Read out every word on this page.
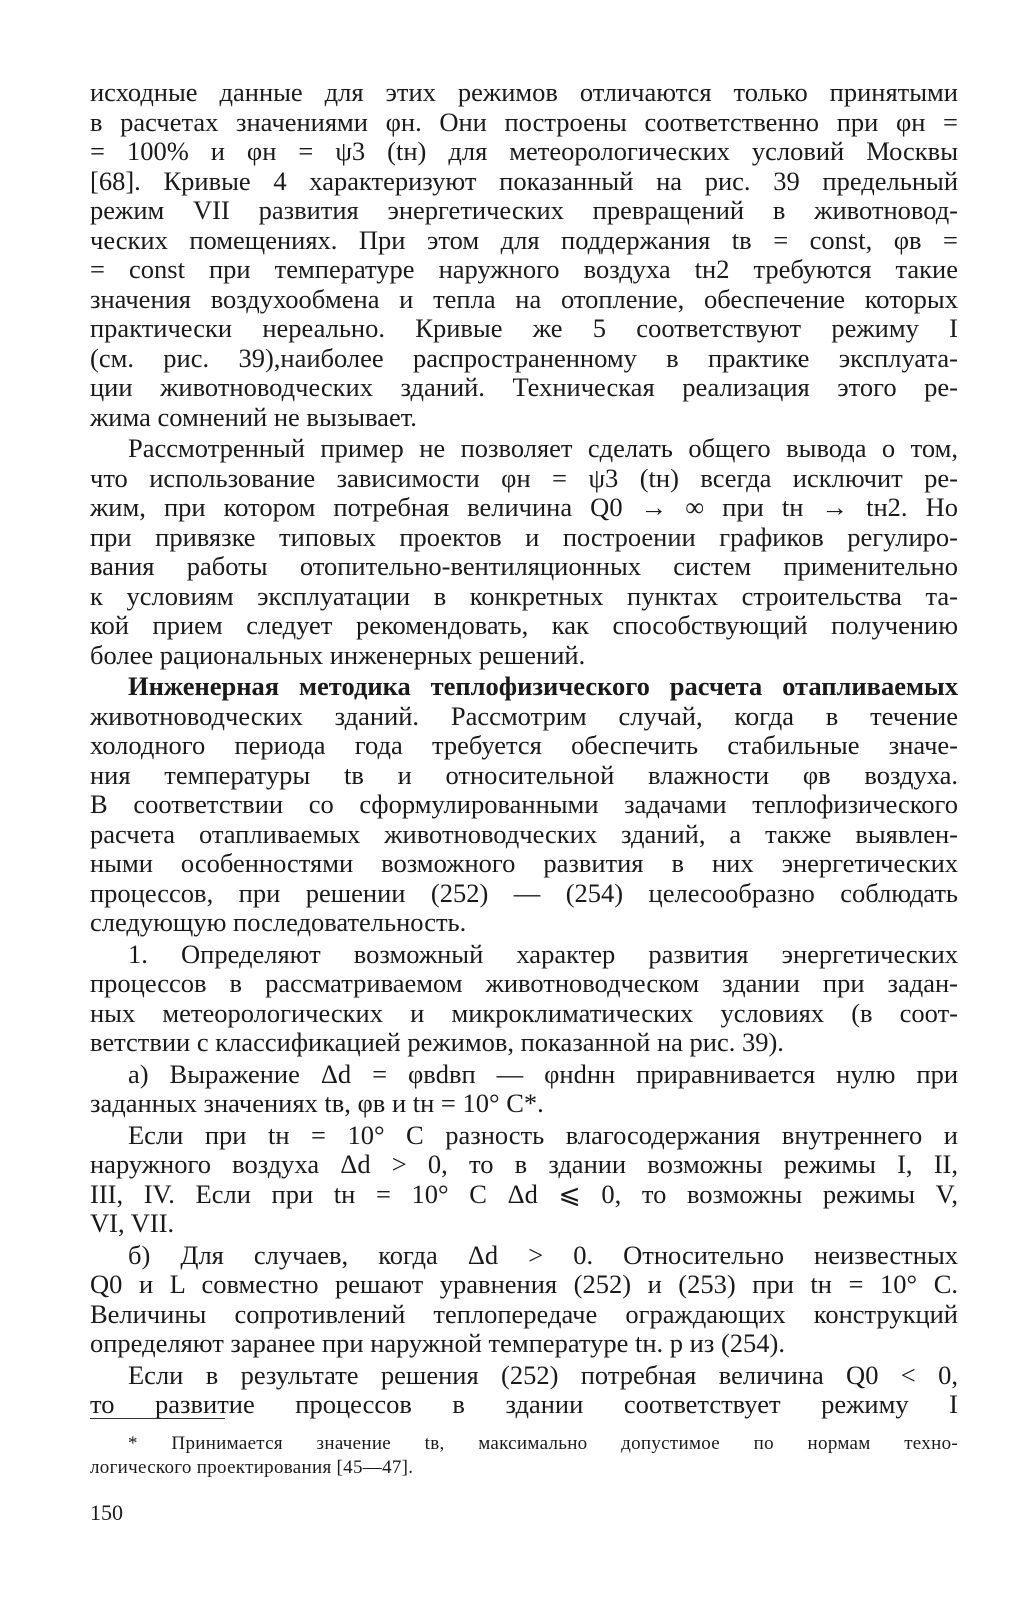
исходные данные для этих режимов отличаются только принятыми

в расчетах значениями φн. Они построены соответственно при φн =

= 100% и φн = ψ3 (tн) для метеорологических условий Москвы

[68]. Кривые 4 характеризуют показанный на рис. 39 предельный

режим VII развития энергетических превращений в животновод-

ческих помещениях. При этом для поддержания tв = const, φв =

= const при температуре наружного воздуха tн2 требуются такие

значения воздухообмена и тепла на отопление, обеспечение которых

практически нереально. Кривые же 5 соответствуют режиму I

(см. рис. 39),наиболее распространенному в практике эксплуата-

ции животноводческих зданий. Техническая реализация этого ре-

жима сомнений не вызывает.

Рассмотренный пример не позволяет сделать общего вывода о том,

что использование зависимости φн = ψ3 (tн) всегда исключит ре-

жим, при котором потребная величина Q0 → ∞ при tн → tн2. Но

при привязке типовых проектов и построении графиков регулиро-

вания работы отопительно-вентиляционных систем применительно

к условиям эксплуатации в конкретных пунктах строительства та-

кой прием следует рекомендовать, как способствующий получению

более рациональных инженерных решений.

Инженерная методика теплофизического расчета отапливаемых

животноводческих зданий. Рассмотрим случай, когда в течение

холодного периода года требуется обеспечить стабильные значе-

ния температуры tв и относительной влажности φв воздуха.

В соответствии со сформулированными задачами теплофизического

расчета отапливаемых животноводческих зданий, а также выявлен-

ными особенностями возможного развития в них энергетических

процессов, при решении (252) — (254) целесообразно соблюдать

следующую последовательность.

1. Определяют возможный характер развития энергетических

процессов в рассматриваемом животноводческом здании при задан-

ных метеорологических и микроклиматических условиях (в соот-

ветствии с классификацией режимов, показанной на рис. 39).

а) Выражение Δd = φвdвп — φнdнн приравнивается нулю при

заданных значениях tв, φв и tн = 10° С*.

Если при tн = 10° С разность влагосодержания внутреннего и

наружного воздуха Δd > 0, то в здании возможны режимы I, II,

III, IV. Если при tн = 10° С Δd ⩽ 0, то возможны режимы V,

VI, VII.

б) Для случаев, когда Δd > 0. Относительно неизвестных

Q0 и L совместно решают уравнения (252) и (253) при tн = 10° С.

Величины сопротивлений теплопередаче ограждающих конструкций

определяют заранее при наружной температуре tн. р из (254).

Если в результате решения (252) потребная величина Q0 < 0,

то развитие процессов в здании соответствует режиму I

* Принимается значение tв, максимально допустимое по нормам техно-

логического проектирования [45—47].

150
